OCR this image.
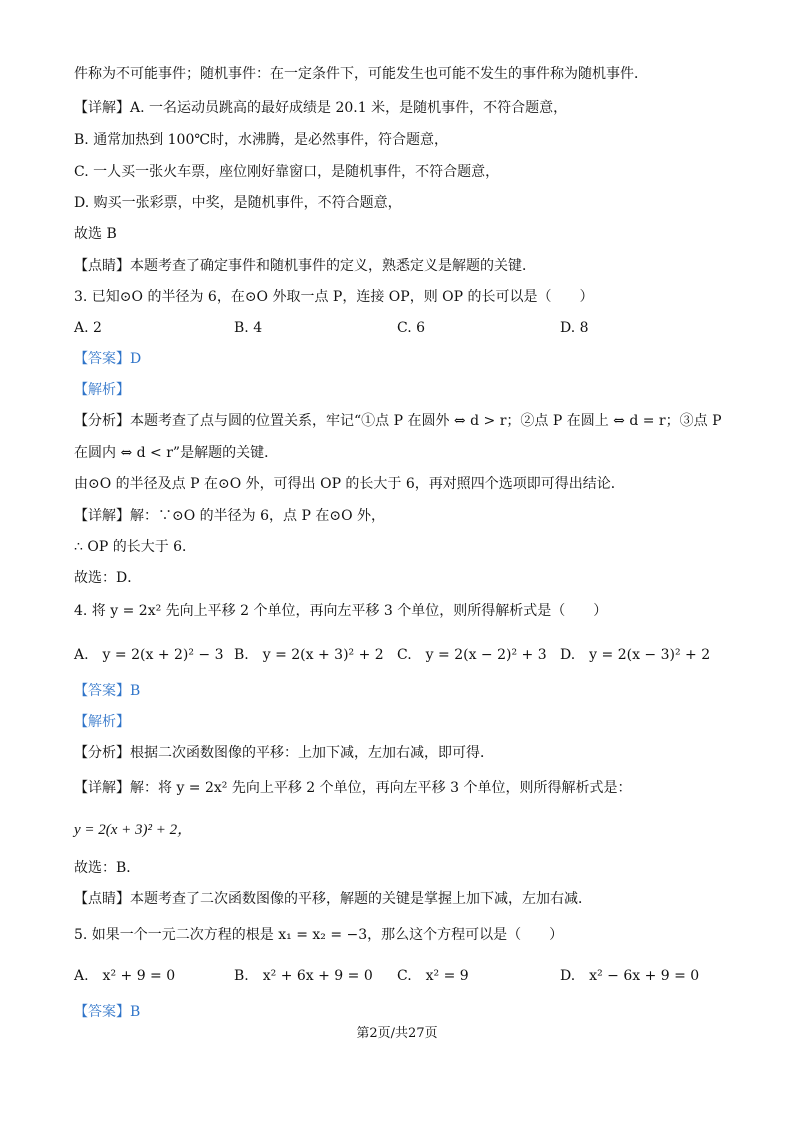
件称为不可能事件；随机事件：在一定条件下，可能发生也可能不发生的事件称为随机事件．
【详解】A. 一名运动员跳高的最好成绩是 20.1 米，是随机事件，不符合题意，
B. 通常加热到 100℃时，水沸腾，是必然事件，符合题意，
C. 一人买一张火车票，座位刚好靠窗口，是随机事件，不符合题意，
D. 购买一张彩票，中奖，是随机事件，不符合题意，
故选 B
【点睛】本题考查了确定事件和随机事件的定义，熟悉定义是解题的关键．
3. 已知⊙O 的半径为 6，在⊙O 外取一点 P，连接 OP，则 OP 的长可以是（　　）
A. 2	B. 4	C. 6	D. 8
【答案】D
【解析】
【分析】本题考查了点与圆的位置关系，牢记“①点 P 在圆外 ⇔ d > r；②点 P 在圆上 ⇔ d = r；③点 P
在圆内 ⇔ d < r”是解题的关键．
由⊙O 的半径及点 P 在⊙O 外，可得出 OP 的长大于 6，再对照四个选项即可得出结论．
【详解】解：∵⊙O 的半径为 6，点 P 在⊙O 外，
∴ OP 的长大于 6．
故选：D．
4. 将 y = 2x² 先向上平移 2 个单位，再向左平移 3 个单位，则所得解析式是（　　）
A.　y = 2(x + 2)² − 3 B.　y = 2(x + 3)² + 2 C.　y = 2(x − 2)² + 3 D.　y = 2(x − 3)² + 2
【答案】B
【解析】
【分析】根据二次函数图像的平移：上加下减，左加右减，即可得．
【详解】解：将 y = 2x² 先向上平移 2 个单位，再向左平移 3 个单位，则所得解析式是：
y = 2(x + 3)² + 2，
故选：B．
【点睛】本题考查了二次函数图像的平移，解题的关键是掌握上加下减，左加右减．
5. 如果一个一元二次方程的根是 x₁ = x₂ = −3，那么这个方程可以是（　　）
A.　x² + 9 = 0	B.　x² + 6x + 9 = 0 C.　x² = 9	D.　x² − 6x + 9 = 0
【答案】B
第2页/共27页
